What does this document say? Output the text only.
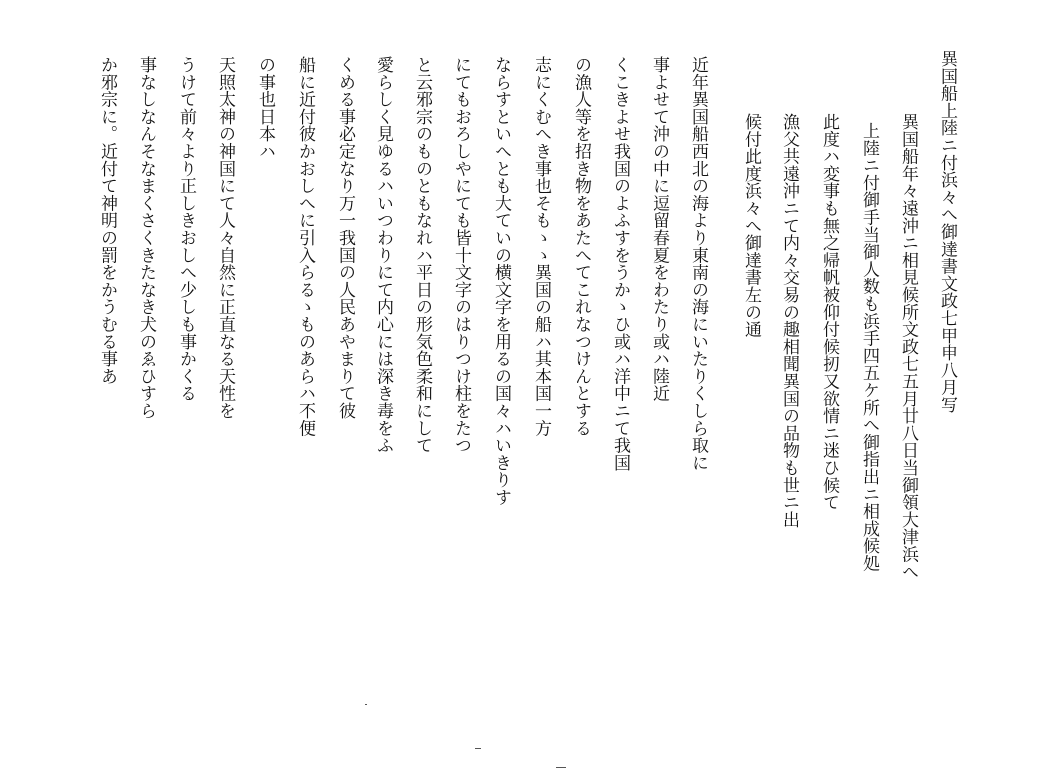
異国船上陸ニ付浜々へ御達書文政七甲申八月写
異国船年々遠沖ニ相見候所文政七五月廿八日当御領大津浜へ
上陸ニ付御手当御人数も浜手四五ケ所へ御指出ニ相成候処
此度ハ変事も無之帰帆被仰付候扨又欲情ニ迷ひ候て
漁父共遠沖ニて内々交易の趣相聞異国の品物も世ニ出
候付此度浜々へ御達書左の通
近年異国船西北の海より東南の海にいたりくしら取に
事よせて沖の中に逗留春夏をわたり或ハ陸近
くこきよせ我国のよふすをうかゝひ或ハ洋中ニて我国
の漁人等を招き物をあたへてこれなつけんとする
志にくむへき事也そもゝゝ異国の船ハ其本国一方
ならすといへとも大ていの横文字を用るの国々ハいきりす
にてもおろしやにても皆十文字のはりつけ柱をたつ
と云邪宗のものともなれハ平日の形気色柔和にして
愛らしく見ゆるハいつわりにて内心には深き毒をふ
くめる事必定なり万一我国の人民あやまりて彼
船に近付彼かおしへに引入らるゝものあらハ不便
の事也日本ハ
天照太神の神国にて人々自然に正直なる天性を
うけて前々より正しきおしへ少しも事かくる
事なしなんそなまくさくきたなき犬のゑひすら
か邪宗に。近付て神明の罰をかうむる事あ
